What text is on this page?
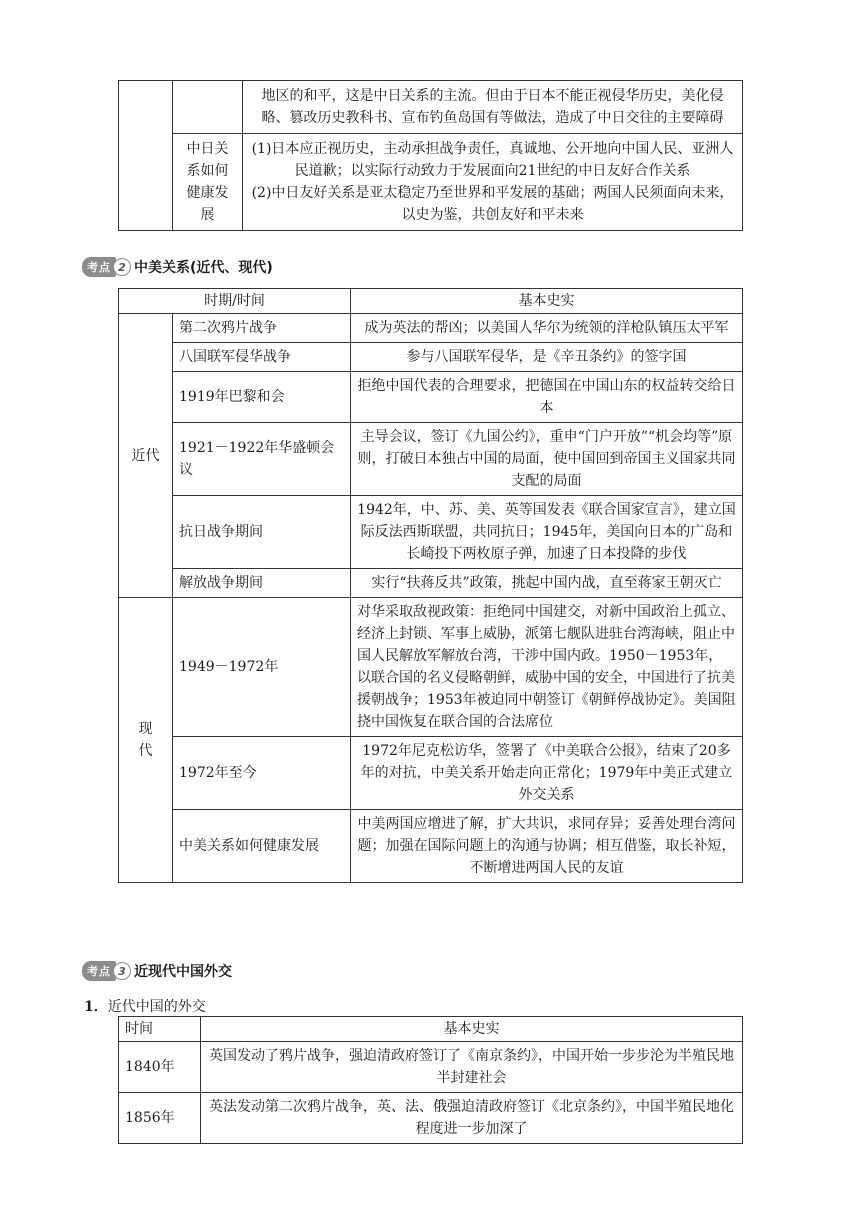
		地区的和平，这是中日关系的主流。但由于日本不能正视侵华历史，美化侵略、篡改历史教科书、宣布钓鱼岛国有等做法，造成了中日交往的主要障碍
	中日关系如何健康发展	(1)日本应正视历史，主动承担战争责任，真诚地、公开地向中国人民、亚洲人民道歉；以实际行动致力于发展面向21世纪的中日友好合作关系
(2)中日友好关系是亚太稳定乃至世界和平发展的基础；两国人民须面向未来，以史为鉴，共创友好和平未来
考点 2 中美关系(近代、现代)
时期/时间		基本史实
近代	第二次鸦片战争	成为英法的帮凶；以美国人华尔为统领的洋枪队镇压太平军
	八国联军侵华战争	参与八国联军侵华，是《辛丑条约》的签字国
	1919年巴黎和会	拒绝中国代表的合理要求，把德国在中国山东的权益转交给日本
	1921－1922年华盛顿会议	主导会议，签订《九国公约》，重申“门户开放”“机会均等”原则，打破日本独占中国的局面，使中国回到帝国主义国家共同支配的局面
	抗日战争期间	1942年，中、苏、美、英等国发表《联合国家宣言》，建立国际反法西斯联盟，共同抗日；1945年，美国向日本的广岛和长崎投下两枚原子弹，加速了日本投降的步伐
	解放战争期间	实行“扶蒋反共”政策，挑起中国内战，直至蒋家王朝灭亡
现
代	1949－1972年	对华采取敌视政策：拒绝同中国建交，对新中国政治上孤立、经济上封锁、军事上威胁，派第七舰队进驻台湾海峡，阻止中国人民解放军解放台湾，干涉中国内政。1950－1953年，以联合国的名义侵略朝鲜，威胁中国的安全，中国进行了抗美援朝战争；1953年被迫同中朝签订《朝鲜停战协定》。美国阻挠中国恢复在联合国的合法席位
	1972年至今	1972年尼克松访华，签署了《中美联合公报》，结束了20多年的对抗，中美关系开始走向正常化；1979年中美正式建立外交关系
	中美关系如何健康发展	中美两国应增进了解，扩大共识，求同存异；妥善处理台湾问题；加强在国际问题上的沟通与协调；相互借鉴，取长补短，不断增进两国人民的友谊
考点 3 近现代中国外交
1．近代中国的外交
时间	基本史实
1840年	英国发动了鸦片战争，强迫清政府签订了《南京条约》，中国开始一步步沦为半殖民地半封建社会
1856年	英法发动第二次鸦片战争，英、法、俄强迫清政府签订《北京条约》，中国半殖民地化程度进一步加深了
